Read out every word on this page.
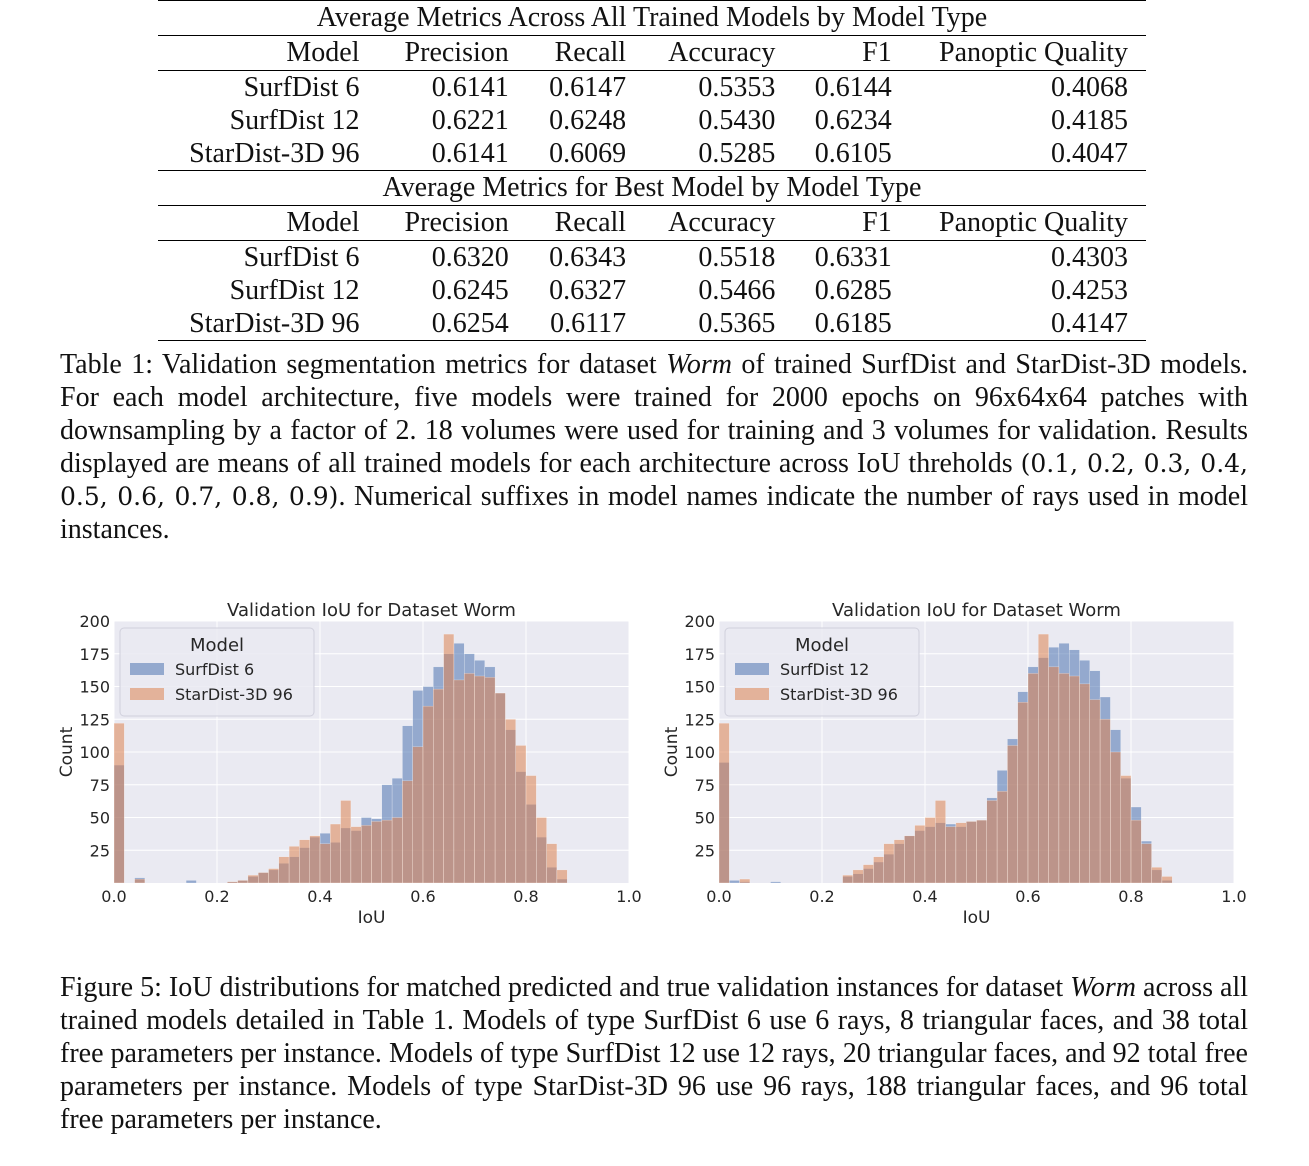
Average Metrics Across All Trained Models by Model Type					
Model	Precision	Recall	Accuracy	F1	Panoptic Quality
SurfDist 6	0.6141	0.6147	0.5353	0.6144	0.4068
SurfDist 12	0.6221	0.6248	0.5430	0.6234	0.4185
StarDist-3D 96	0.6141	0.6069	0.5285	0.6105	0.4047
Average Metrics for Best Model by Model Type					
Model	Precision	Recall	Accuracy	F1	Panoptic Quality
SurfDist 6	0.6320	0.6343	0.5518	0.6331	0.4303
SurfDist 12	0.6245	0.6327	0.5466	0.6285	0.4253
StarDist-3D 96	0.6254	0.6117	0.5365	0.6185	0.4147

Table 1: Validation segmentation metrics for dataset Worm of trained SurfDist and StarDist-3D models. For each model architecture, five models were trained for 2000 epochs on 96x64x64 patches with downsampling by a factor of 2. 18 volumes were used for training and 3 volumes for validation. Results displayed are means of all trained models for each architecture across IoU threholds (0.1, 0.2, 0.3, 0.4, 0.5, 0.6, 0.7, 0.8, 0.9). Numerical suffixes in model names indicate the number of rays used in model instances.

0.0	0.2	0.4	0.6	0.8	1.0
25
50
75
100
125
150
175
200
Validation IoU for Dataset Worm
IoU
Count
Model
SurfDist 6
StarDist-3D 96
0.0	0.2	0.4	0.6	0.8	1.0
25
50
75
100
125
150
175
200
Validation IoU for Dataset Worm
IoU
Count
Model
SurfDist 12
StarDist-3D 96

Figure 5: IoU distributions for matched predicted and true validation instances for dataset Worm across all trained models detailed in Table 1. Models of type SurfDist 6 use 6 rays, 8 triangular faces, and 38 total free parameters per instance. Models of type SurfDist 12 use 12 rays, 20 triangular faces, and 92 total free parameters per instance. Models of type StarDist-3D 96 use 96 rays, 188 triangular faces, and 96 total free parameters per instance.
